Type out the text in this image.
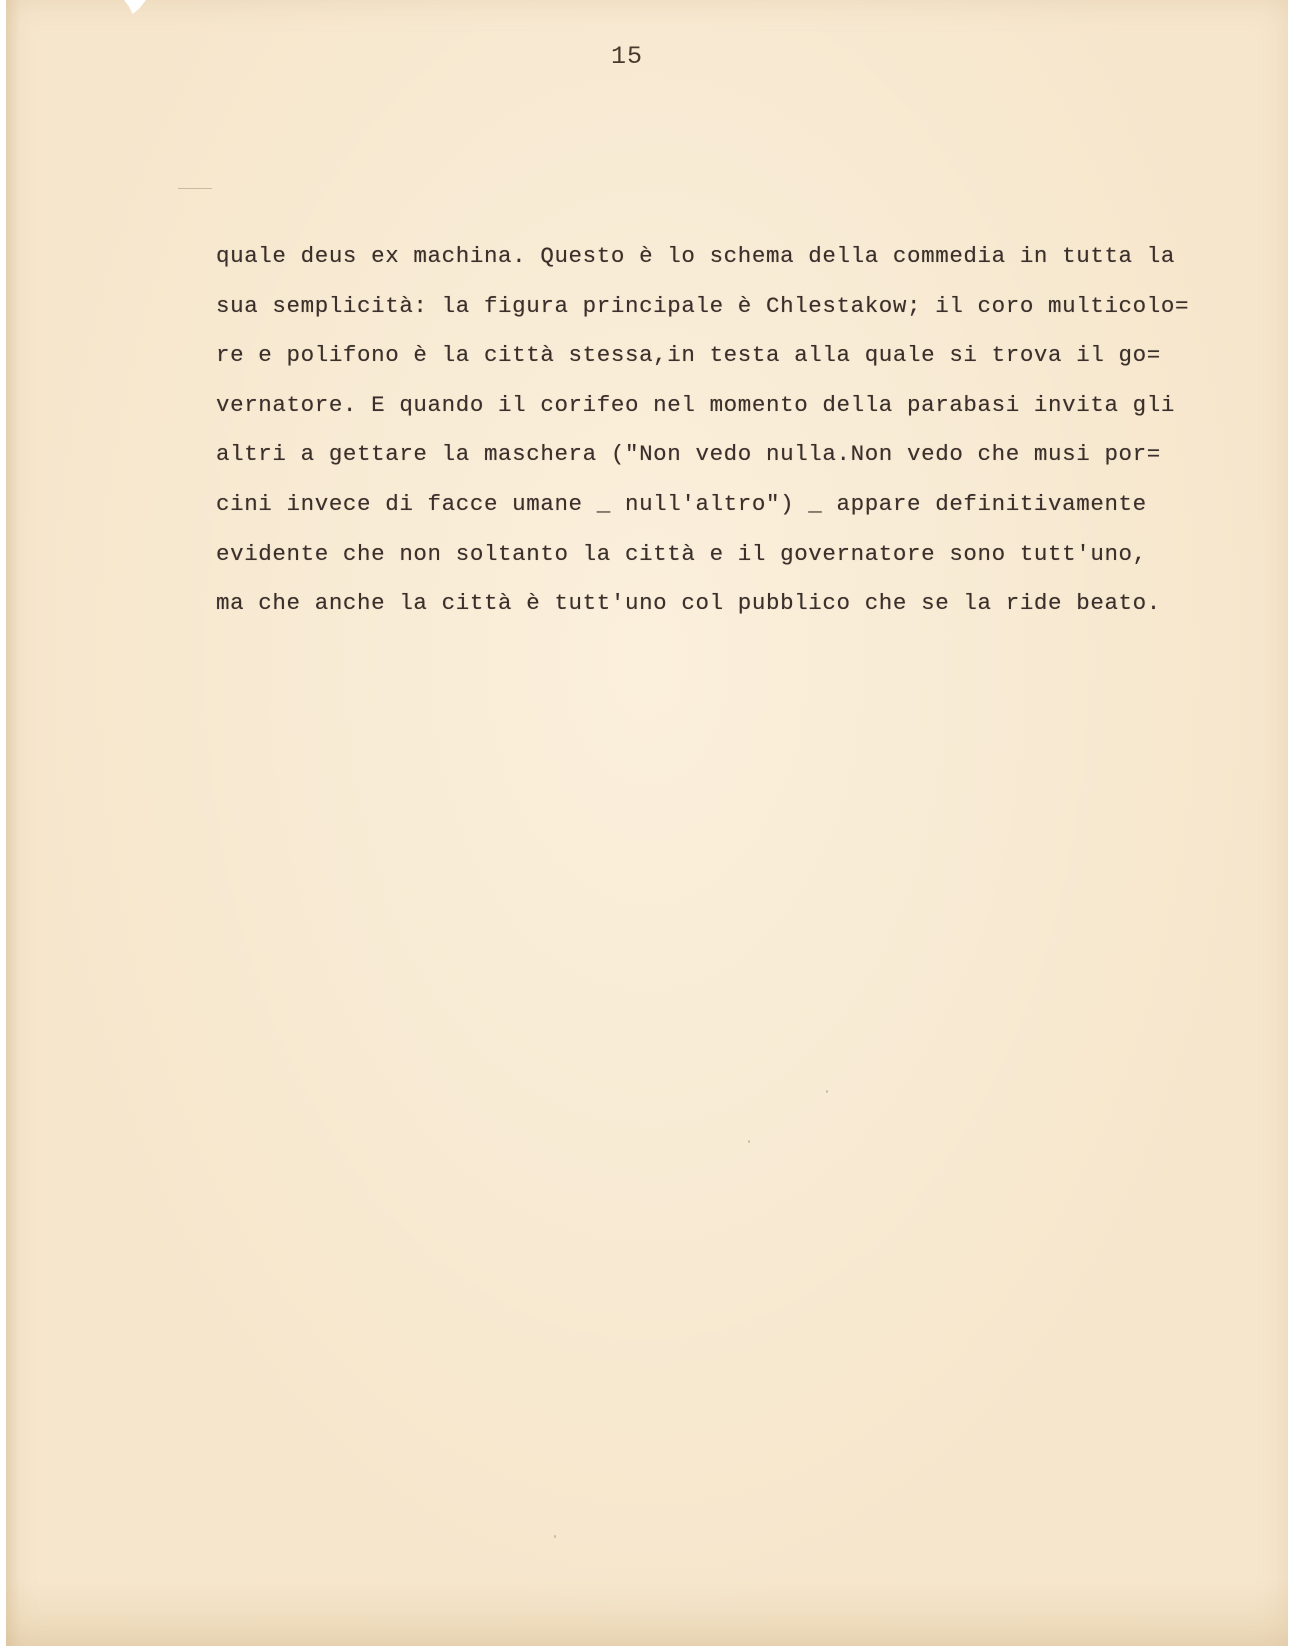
15
quale deus ex machina. Questo è lo schema della commedia in tutta la
sua semplicità: la figura principale è Chlestakow; il coro multicolo=
re e polifono è la città stessa,in testa alla quale si trova il go=
vernatore. E quando il corifeo nel momento della parabasi invita gli
altri a gettare la maschera ("Non vedo nulla.Non vedo che musi por=
cini invece di facce umane _ null'altro") _ appare definitivamente
evidente che non soltanto la città e il governatore sono tutt'uno,
ma che anche la città è tutt'uno col pubblico che se la ride beato.
